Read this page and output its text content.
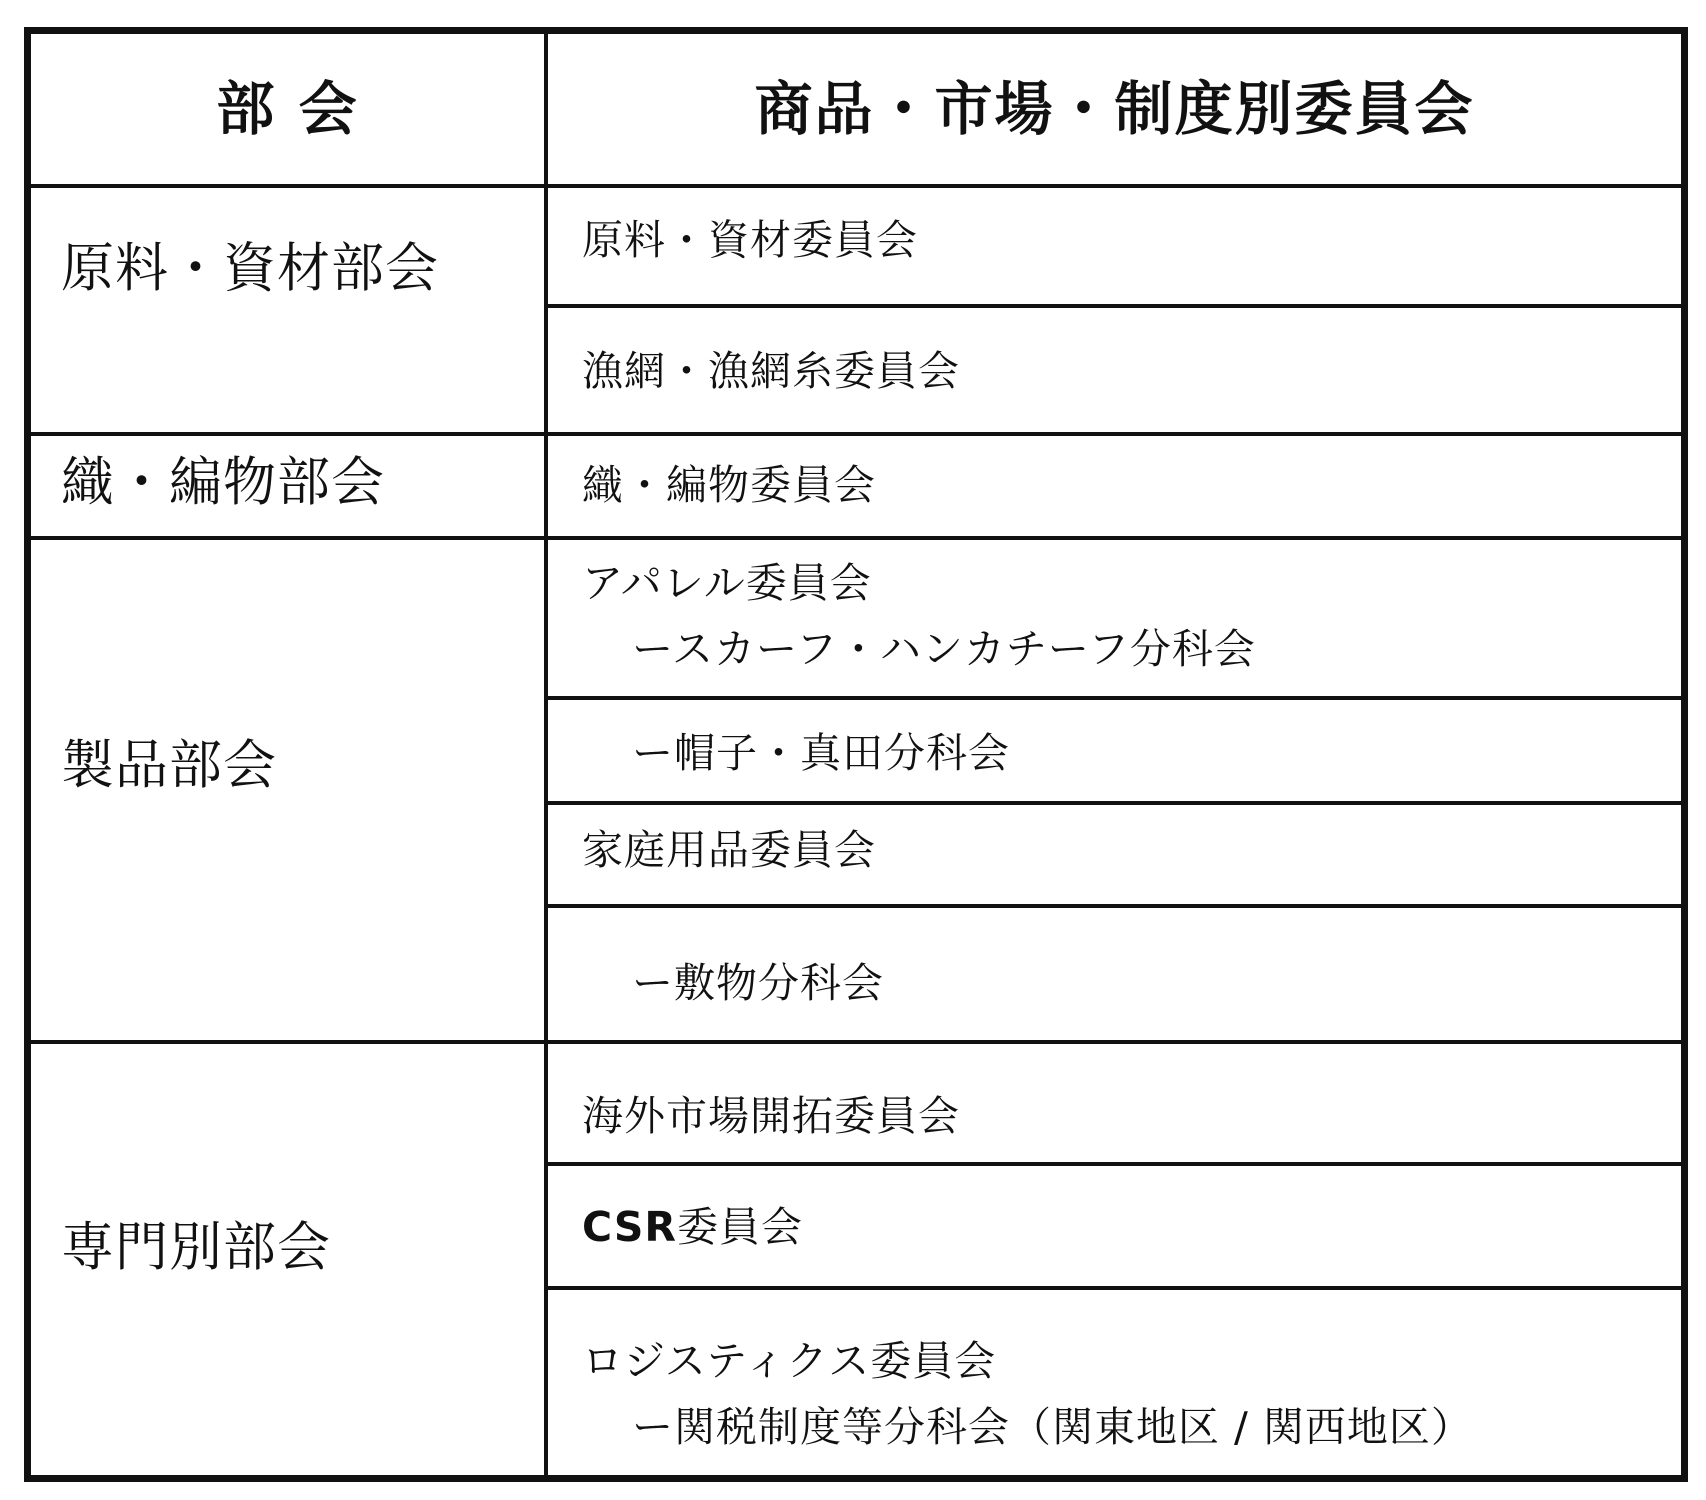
部 会	商品・市場・制度別委員会
原料・資材部会
織・編物部会
製品部会
専門別部会
原料・資材委員会
漁網・漁網糸委員会
織・編物委員会
アパレル委員会
ースカーフ・ハンカチーフ分科会
ー帽子・真田分科会
家庭用品委員会
ー敷物分科会
海外市場開拓委員会
CSR委員会
ロジスティクス委員会
ー関税制度等分科会（関東地区 / 関西地区）
